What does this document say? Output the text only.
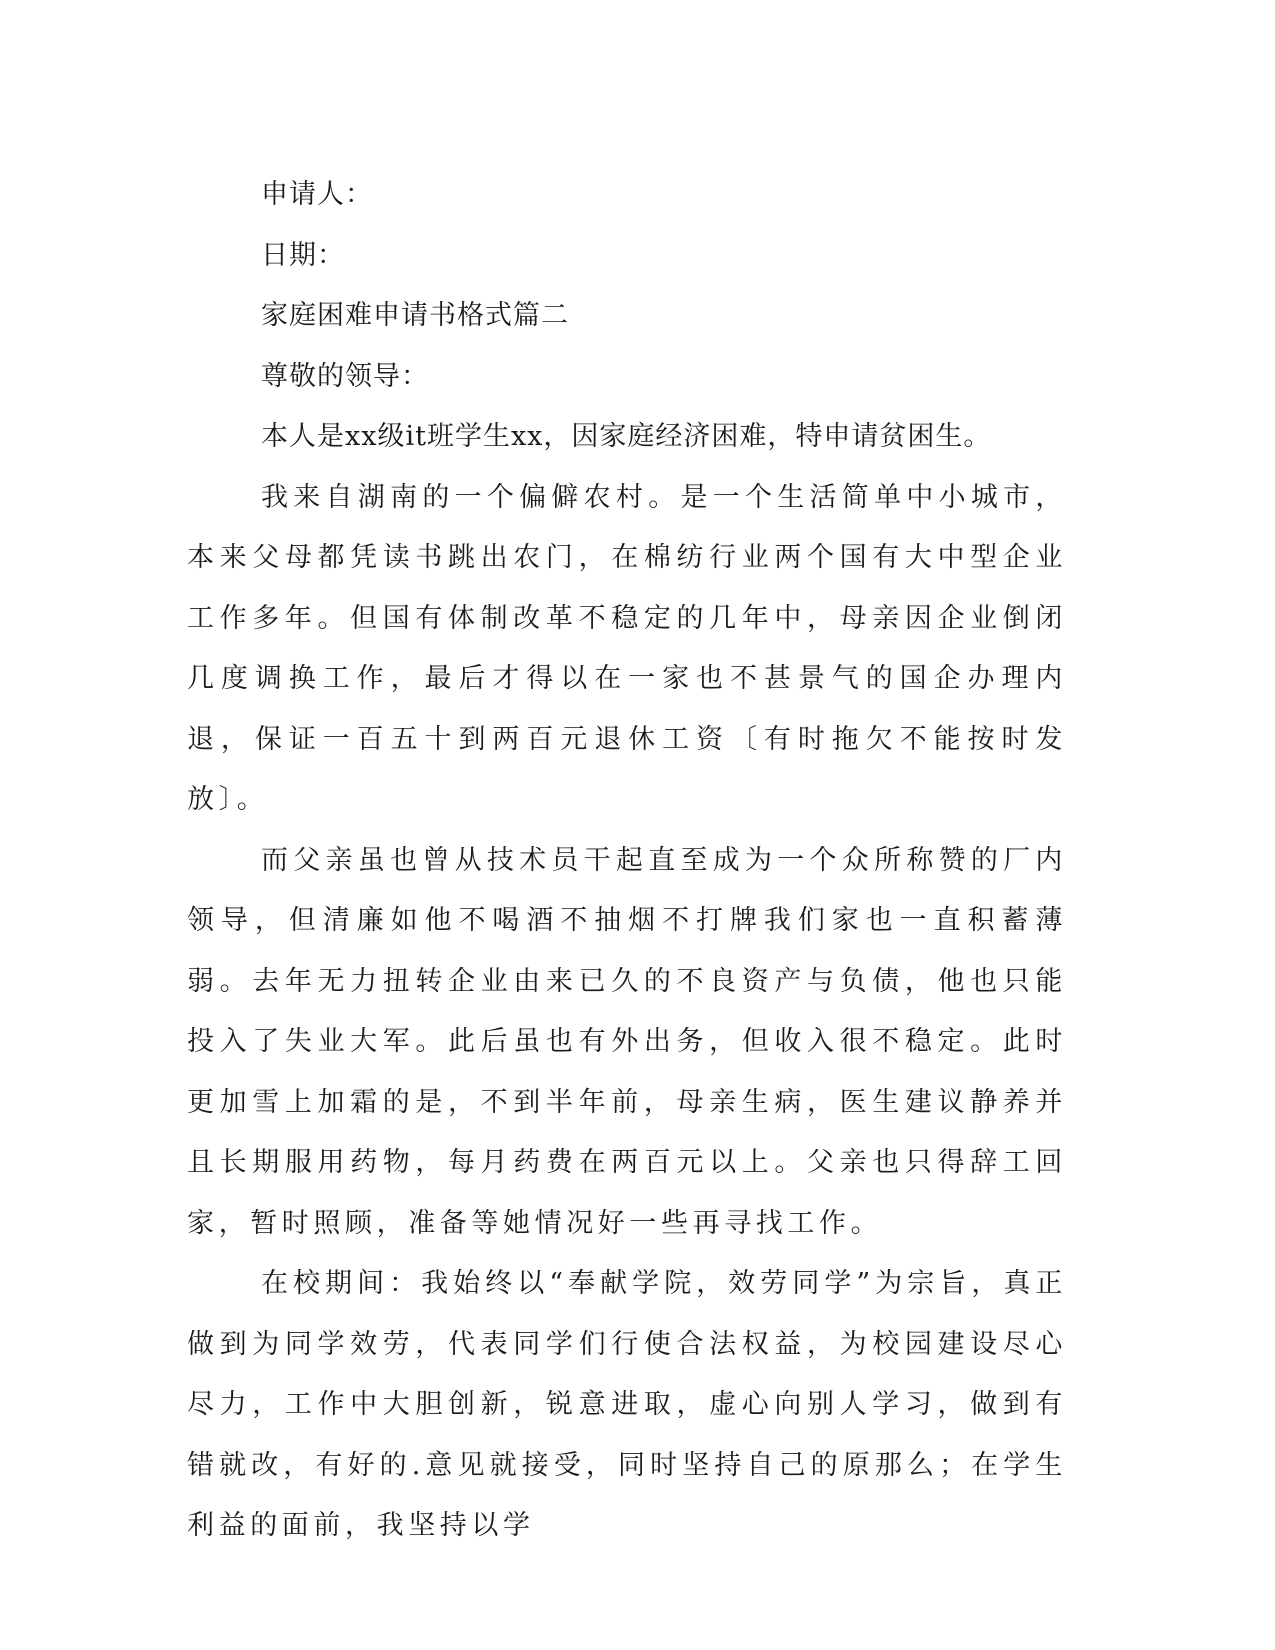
申请人：

日期：

家庭困难申请书格式篇二

尊敬的领导：

本人是xx级it班学生xx，因家庭经济困难，特申请贫困生。

我来自湖南的一个偏僻农村。是一个生活简单中小城市，本来父母都凭读书跳出农门，在棉纺行业两个国有大中型企业工作多年。但国有体制改革不稳定的几年中，母亲因企业倒闭几度调换工作，最后才得以在一家也不甚景气的国企办理内退，保证一百五十到两百元退休工资〔有时拖欠不能按时发放〕。

而父亲虽也曾从技术员干起直至成为一个众所称赞的厂内领导，但清廉如他不喝酒不抽烟不打牌我们家也一直积蓄薄弱。去年无力扭转企业由来已久的不良资产与负债，他也只能投入了失业大军。此后虽也有外出务，但收入很不稳定。此时更加雪上加霜的是，不到半年前，母亲生病，医生建议静养并且长期服用药物，每月药费在两百元以上。父亲也只得辞工回家，暂时照顾，准备等她情况好一些再寻找工作。

在校期间：我始终以“奉献学院，效劳同学”为宗旨，真正做到为同学效劳，代表同学们行使合法权益，为校园建设尽心尽力，工作中大胆创新，锐意进取，虚心向别人学习，做到有错就改，有好的.意见就接受，同时坚持自己的原那么；在学生利益的面前，我坚持以学
